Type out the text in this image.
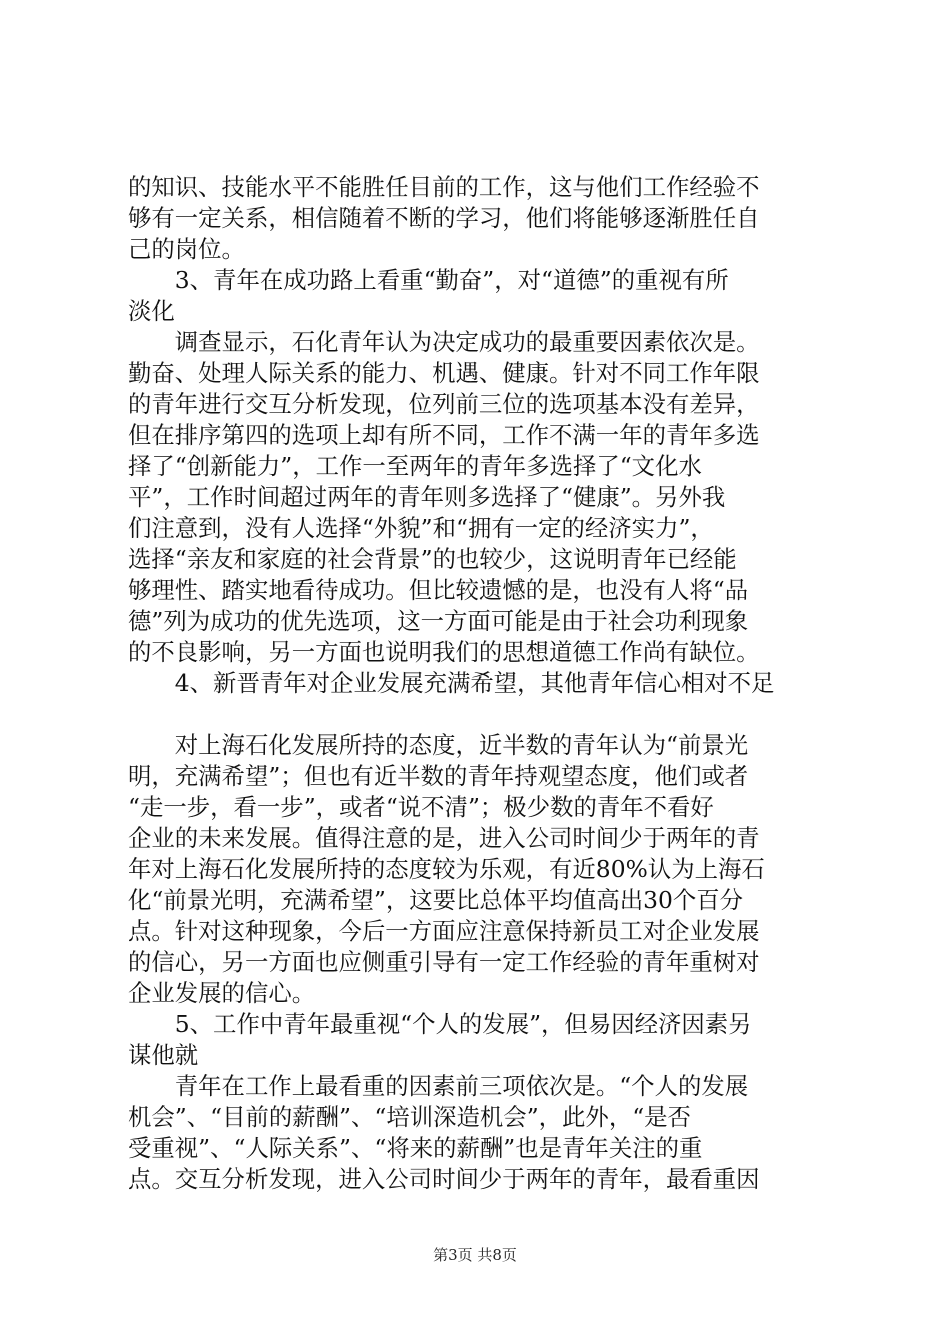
的知识、技能水平不能胜任目前的工作，这与他们工作经验不
够有一定关系，相信随着不断的学习，他们将能够逐渐胜任自
己的岗位。
　　3、青年在成功路上看重“勤奋”，对“道德”的重视有所
淡化
　　调查显示，石化青年认为决定成功的最重要因素依次是。
勤奋、处理人际关系的能力、机遇、健康。针对不同工作年限
的青年进行交互分析发现，位列前三位的选项基本没有差异，
但在排序第四的选项上却有所不同，工作不满一年的青年多选
择了“创新能力”，工作一至两年的青年多选择了“文化水
平”，工作时间超过两年的青年则多选择了“健康”。另外我
们注意到，没有人选择“外貌”和“拥有一定的经济实力”，
选择“亲友和家庭的社会背景”的也较少，这说明青年已经能
够理性、踏实地看待成功。但比较遗憾的是，也没有人将“品
德”列为成功的优先选项，这一方面可能是由于社会功利现象
的不良影响，另一方面也说明我们的思想道德工作尚有缺位。
　　4、新晋青年对企业发展充满希望，其他青年信心相对不足
　　对上海石化发展所持的态度，近半数的青年认为“前景光
明，充满希望”；但也有近半数的青年持观望态度，他们或者
“走一步，看一步”，或者“说不清”；极少数的青年不看好
企业的未来发展。值得注意的是，进入公司时间少于两年的青
年对上海石化发展所持的态度较为乐观，有近80%认为上海石
化“前景光明，充满希望”，这要比总体平均值高出30个百分
点。针对这种现象，今后一方面应注意保持新员工对企业发展
的信心，另一方面也应侧重引导有一定工作经验的青年重树对
企业发展的信心。
　　5、工作中青年最重视“个人的发展”，但易因经济因素另
谋他就
　　青年在工作上最看重的因素前三项依次是。“个人的发展
机会”、“目前的薪酬”、“培训深造机会”，此外，“是否
受重视”、“人际关系”、“将来的薪酬”也是青年关注的重
点。交互分析发现，进入公司时间少于两年的青年，最看重因
第3页 共8页
